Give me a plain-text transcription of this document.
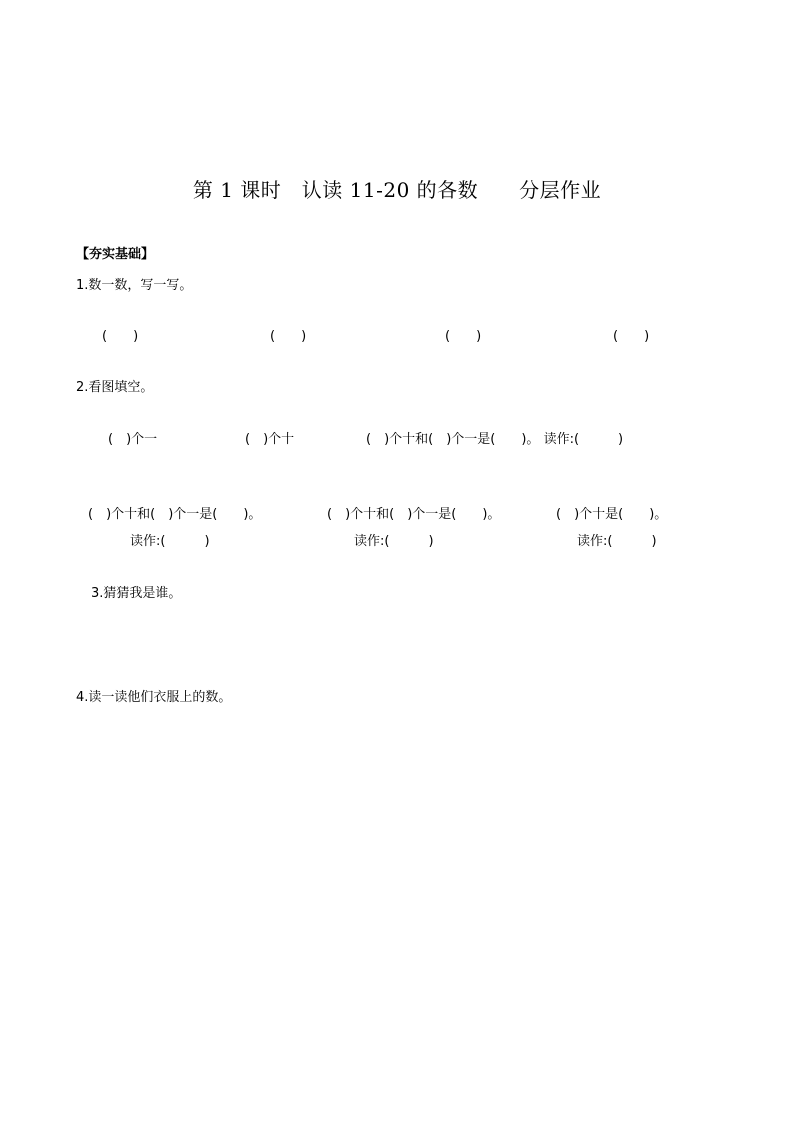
第 1 课时　认读 11-20 的各数　　分层作业
【夯实基础】
1.数一数，写一写。
(　　)	(　　)	(　　)	(　　)
2.看图填空。
(　)个一	(　)个十	(　)个十和(　)个一是(　　)。 读作:(　　　)
(　)个十和(　)个一是(　　)。	(　)个十和(　)个一是(　　)。	(　)个十是(　　)。
读作:(　　　)	读作:(　　　)	读作:(　　　)
3.猜猜我是谁。
4.读一读他们衣服上的数。
